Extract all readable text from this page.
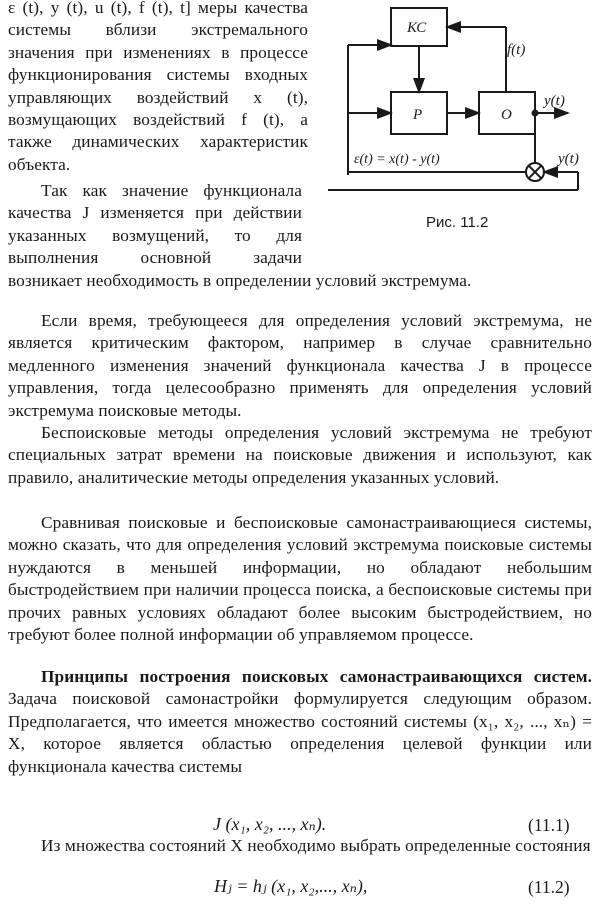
ε (t), y (t), u (t), f (t), t] меры качества системы вблизи экстремального значения при изменениях в процессе функционирования системы входных управляющих воздействий x (t), возмущающих воздействий f (t), а также динамических характеристик объекта.

Так как значение функционала качества J изменяется при действии указанных возмущений, то для выполнения основной задачи возникает необходимость в определении условий экстремума.

Если время, требующееся для определения условий экстремума, не является критическим фактором, например в случае сравнительно медленного изменения значений функционала качества J в процессе управления, тогда целесообразно применять для определения условий экстремума поисковые методы.

Беспоисковые методы определения условий экстремума не требуют специальных затрат времени на поисковые движения и используют, как правило, аналитические методы определения указанных условий.

Сравнивая поисковые и беспоисковые самонастраивающиеся системы, можно сказать, что для определения условий экстремума поисковые системы нуждаются в меньшей информации, но обладают небольшим быстродействием при наличии процесса поиска, а беспоисковые системы при прочих равных условиях обладают более высоким быстродействием, но требуют более полной информации об управляемом процессе.

Принципы построения поисковых самонастраивающихся систем. Задача поисковой самонастройки формулируется следующим образом. Предполагается, что имеется множество состояний системы (x₁, x₂, ..., xₙ) = X, которое является областью определения целевой функции или функционала качества системы

J (x₁, x₂, ..., xₙ).	(11.1)

Из множества состояний X необходимо выбрать определенные состояния

Hⱼ = hⱼ (x₁, x₂,..., xₙ),	(11.2)
КС
Р	О
f(t)
y(t)
y(t)
ε(t) = x(t) - y(t)
Рис. 11.2
